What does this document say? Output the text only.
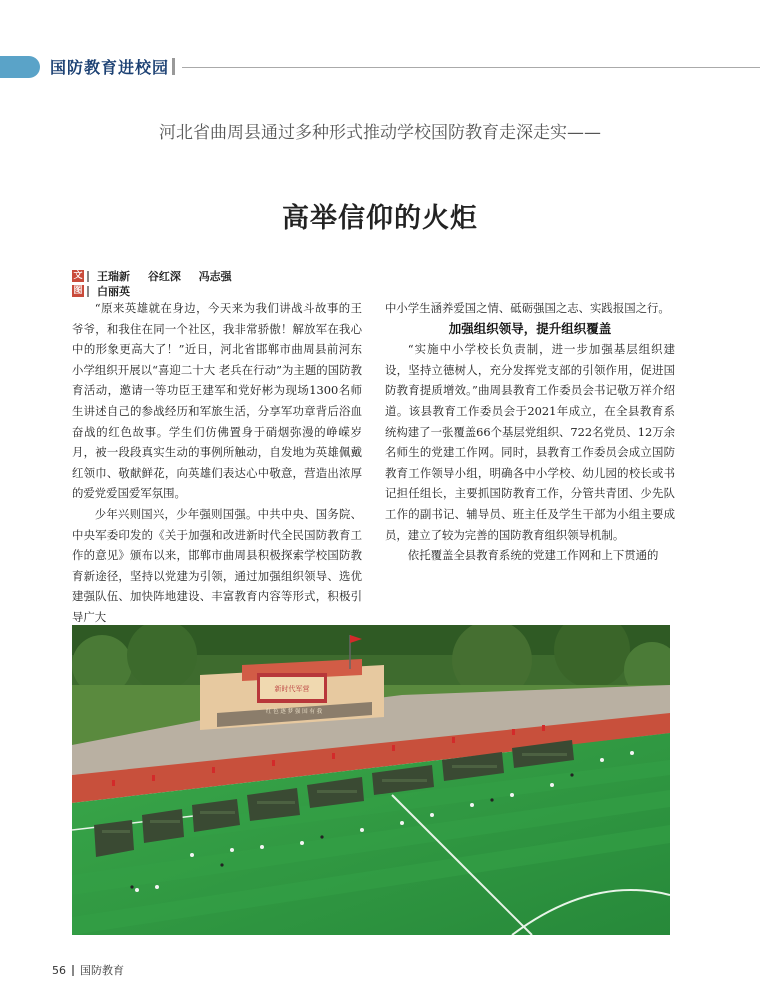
国防教育进校园
河北省曲周县通过多种形式推动学校国防教育走深走实——
高举信仰的火炬
文 王瑞新 谷红深 冯志强
图 白丽英

“原来英雄就在身边，今天来为我们讲战斗故事的王爷爷，和我住在同一个社区，我非常骄傲！解放军在我心中的形象更高大了！”近日，河北省邯郸市曲周县前河东小学组织开展以“喜迎二十大 老兵在行动”为主题的国防教育活动，邀请一等功臣王建军和党好彬为现场1300名师生讲述自己的参战经历和军旅生活，分享军功章背后浴血奋战的红色故事。学生们仿佛置身于硝烟弥漫的峥嵘岁月，被一段段真实生动的事例所触动，自发地为英雄佩戴红领巾、敬献鲜花，向英雄们表达心中敬意，营造出浓厚的爱党爱国爱军氛围。

少年兴则国兴，少年强则国强。中共中央、国务院、中央军委印发的《关于加强和改进新时代全民国防教育工作的意见》颁布以来，邯郸市曲周县积极探索学校国防教育新途径，坚持以党建为引领，通过加强组织领导、选优建强队伍、加快阵地建设、丰富教育内容等形式，积极引导广大

中小学生涵养爱国之情、砥砺强国之志、实践报国之行。

加强组织领导，提升组织覆盖

“实施中小学校长负责制，进一步加强基层组织建设，坚持立德树人，充分发挥党支部的引领作用，促进国防教育提质增效。”曲周县教育工作委员会书记敬万祥介绍道。该县教育工作委员会于2021年成立，在全县教育系统构建了一张覆盖66个基层党组织、722名党员、12万余名师生的党建工作网。同时，县教育工作委员会成立国防教育工作领导小组，明确各中小学校、幼儿园的校长或书记担任组长，主要抓国防教育工作，分管共青团、少先队工作的副书记、辅导员、班主任及学生干部为小组主要成员，建立了较为完善的国防教育组织领导机制。

依托覆盖全县教育系统的党建工作网和上下贯通的

新时代军营
红 色 逐 梦 强 国 有 我
56 国防教育
